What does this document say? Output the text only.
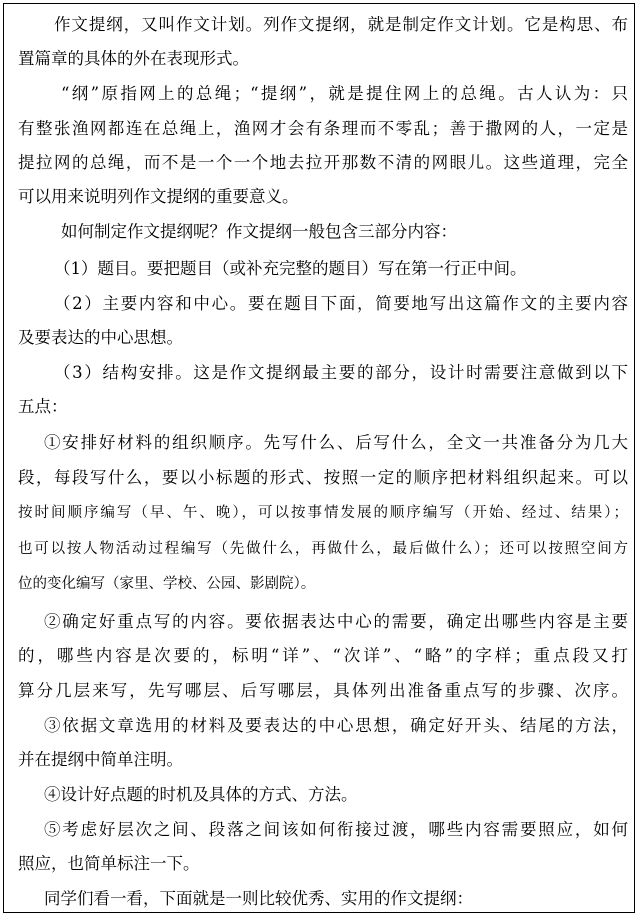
作文提纲，又叫作文计划。列作文提纲，就是制定作文计划。它是构思、布
置篇章的具体的外在表现形式。
“纲”原指网上的总绳；“提纲”，就是提住网上的总绳。古人认为：只
有整张渔网都连在总绳上，渔网才会有条理而不零乱；善于撒网的人，一定是
提拉网的总绳，而不是一个一个地去拉开那数不清的网眼儿。这些道理，完全
可以用来说明列作文提纲的重要意义。
如何制定作文提纲呢？作文提纲一般包含三部分内容：
（1）题目。要把题目（或补充完整的题目）写在第一行正中间。
（2）主要内容和中心。要在题目下面，简要地写出这篇作文的主要内容
及要表达的中心思想。
（3）结构安排。这是作文提纲最主要的部分，设计时需要注意做到以下
五点：
①安排好材料的组织顺序。先写什么、后写什么，全文一共准备分为几大
段，每段写什么，要以小标题的形式、按照一定的顺序把材料组织起来。可以
按时间顺序编写（早、午、晚），可以按事情发展的顺序编写（开始、经过、结果）；
也可以按人物活动过程编写（先做什么，再做什么，最后做什么）；还可以按照空间方
位的变化编写（家里、学校、公园、影剧院）。
②确定好重点写的内容。要依据表达中心的需要，确定出哪些内容是主要
的，哪些内容是次要的，标明“详”、“次详”、“略”的字样；重点段又打
算分几层来写，先写哪层、后写哪层，具体列出准备重点写的步骤、次序。
③依据文章选用的材料及要表达的中心思想，确定好开头、结尾的方法，
并在提纲中简单注明。
④设计好点题的时机及具体的方式、方法。
⑤考虑好层次之间、段落之间该如何衔接过渡，哪些内容需要照应，如何
照应，也简单标注一下。
同学们看一看，下面就是一则比较优秀、实用的作文提纲：
